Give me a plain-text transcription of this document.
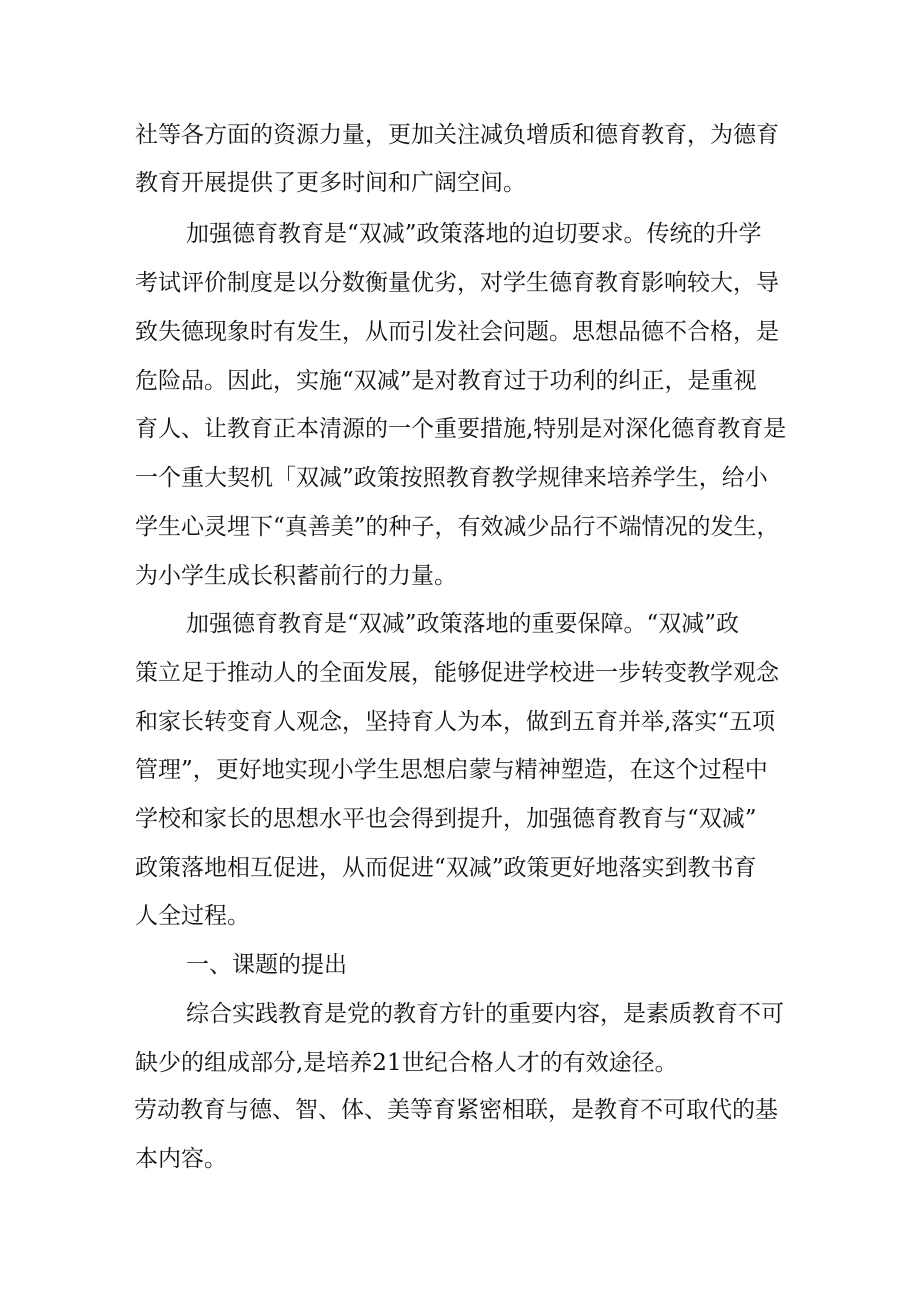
社等各方面的资源力量，更加关注减负增质和德育教育，为德育
教育开展提供了更多时间和广阔空间。
加强德育教育是“双减”政策落地的迫切要求。传统的升学
考试评价制度是以分数衡量优劣，对学生德育教育影响较大，导
致失德现象时有发生，从而引发社会问题。思想品德不合格，是
危险品。因此，实施“双减”是对教育过于功利的纠正，是重视
育人、让教育正本清源的一个重要措施,特别是对深化德育教育是
一个重大契机「双减”政策按照教育教学规律来培养学生，给小
学生心灵埋下“真善美”的种子，有效减少品行不端情况的发生，
为小学生成长积蓄前行的力量。
加强德育教育是“双减”政策落地的重要保障。“双减”政
策立足于推动人的全面发展，能够促进学校进一步转变教学观念
和家长转变育人观念，坚持育人为本，做到五育并举,落实“五项
管理”，更好地实现小学生思想启蒙与精神塑造，在这个过程中
学校和家长的思想水平也会得到提升，加强德育教育与“双减”
政策落地相互促进，从而促进“双减”政策更好地落实到教书育
人全过程。
一、课题的提出
综合实践教育是党的教育方针的重要内容，是素质教育不可
缺少的组成部分,是培养21世纪合格人才的有效途径。
劳动教育与德、智、体、美等育紧密相联，是教育不可取代的基
本内容。
